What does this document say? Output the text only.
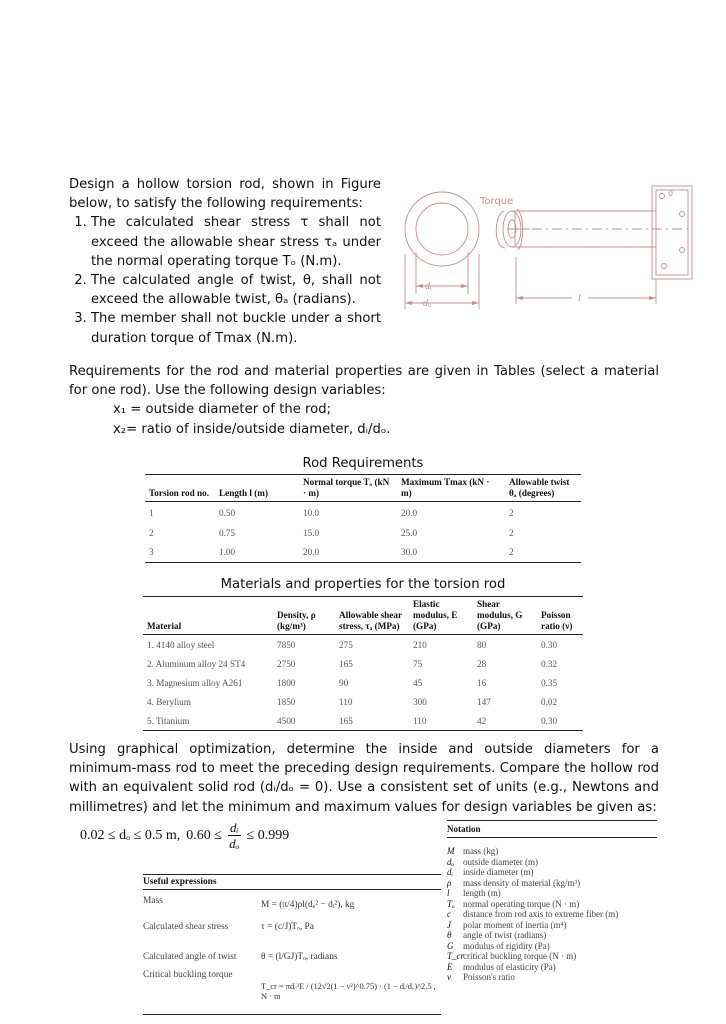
Design a hollow torsion rod, shown in Figure below, to satisfy the following requirements:

1. The calculated shear stress τ shall not exceed the allowable shear stress τₐ under the normal operating torque Tₒ (N.m).
2. The calculated angle of twist, θ, shall not exceed the allowable twist, θₐ (radians).
3. The member shall not buckle under a short duration torque of Tmax (N.m).
Torque
dᵢ
dₒ	l
0

Requirements for the rod and material properties are given in Tables (select a material for one rod). Use the following design variables:

x₁ = outside diameter of the rod;

x₂= ratio of inside/outside diameter, dᵢ/dₒ.

Rod Requirements
Torsion rod no.	Length l (m)	Normal torque Tₒ (kN · m)	Maximum Tmax (kN · m)	Allowable twist θₐ (degrees)
1	0.50	10.0	20.0	2
2	0.75	15.0	25.0	2
3	1.00	20.0	30.0	2
Materials and properties for the torsion rod
Material	Density, ρ (kg/m³)	Allowable shear stress, τₐ (MPa)	Elastic modulus, E (GPa)	Shear modulus, G (GPa)	Poisson ratio (ν)
1. 4140 alloy steel	7850	275	210	80	0.30
2. Aluminum alloy 24 ST4	2750	165	75	28	0.32
3. Magnesium alloy A261	1800	90	45	16	0.35
4. Berylium	1850	110	300	147	0.02
5. Titanium	4500	165	110	42	0.30
Using graphical optimization, determine the inside and outside diameters for a minimum-mass rod to meet the preceding design requirements. Compare the hollow rod with an equivalent solid rod (dᵢ/dₒ = 0). Use a consistent set of units (e.g., Newtons and millimetres) and let the minimum and maximum values for design variables be given as:
0.02 ≤ dₒ ≤ 0.5 m, $0.60 \le \frac{\text{dᵢ}}{\text{dₒ}} \le 0.999$
Useful expressions
Mass	M = (π/4)ρl(dₒ² − dᵢ²), kg
Calculated shear stress	τ = (c/J)Tₒ, Pa
Calculated angle of twist	θ = (l/GJ)Tₒ, radians
Critical buckling torque
T_cr = πdₒ³E / (12√2(1 − ν²)^0.75) · (1 − dᵢ/dₒ)^2.5 , N · m
Notation
M mass (kg)
dₒ outside diameter (m)
dᵢ	inside diameter (m)
ρ	mass density of material (kg/m³)
l	length (m)
Tₒ normal operating torque (N · m)
c	distance from rod axis to extreme fiber (m)
J	polar moment of inertia (m⁴)
θ	angle of twist (radians)
G	modulus of rigidity (Pa)
T_cr
critical buckling torque (N · m)
E	modulus of elasticity (Pa)
ν	Poisson's ratio
